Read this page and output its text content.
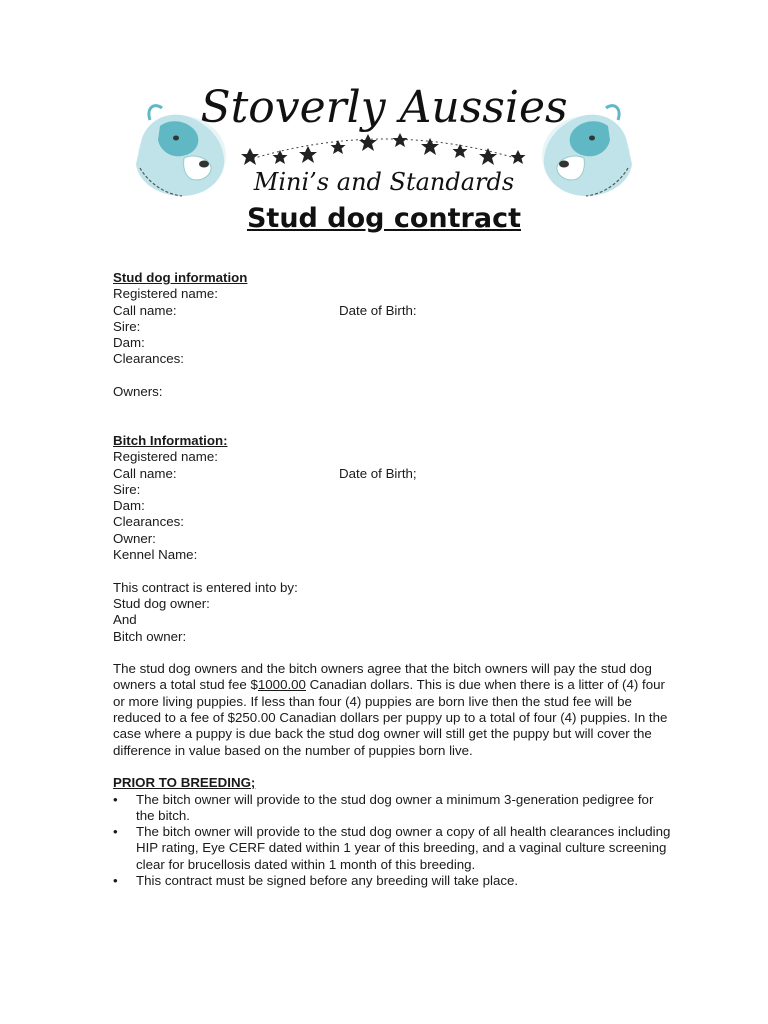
Stoverly Aussies
Mini’s and Standards
Stud dog contract
Stud dog information
Registered name:
Call name:	Date of Birth:
Sire:
Dam:
Clearances:
Owners:
Bitch Information:
Registered name:
Call name:	Date of Birth;
Sire:
Dam:
Clearances:
Owner:
Kennel Name:
This contract is entered into by:
Stud dog owner:
And
Bitch owner:
The stud dog owners and the bitch owners agree that the bitch owners will pay the stud dog owners a total stud fee $1000.00 Canadian dollars. This is due when there is a litter of (4) four or more living puppies. If less than four (4) puppies are born live then the stud fee will be reduced to a fee of $250.00 Canadian dollars per puppy up to a total of four (4) puppies. In the case where a puppy is due back the stud dog owner will still get the puppy but will cover the difference in value based on the number of puppies born live.
PRIOR TO BREEDING;
• The bitch owner will provide to the stud dog owner a minimum 3-generation pedigree for the bitch.
• The bitch owner will provide to the stud dog owner a copy of all health clearances including HIP rating, Eye CERF dated within 1 year of this breeding, and a vaginal culture screening clear for brucellosis dated within 1 month of this breeding.
• This contract must be signed before any breeding will take place.
